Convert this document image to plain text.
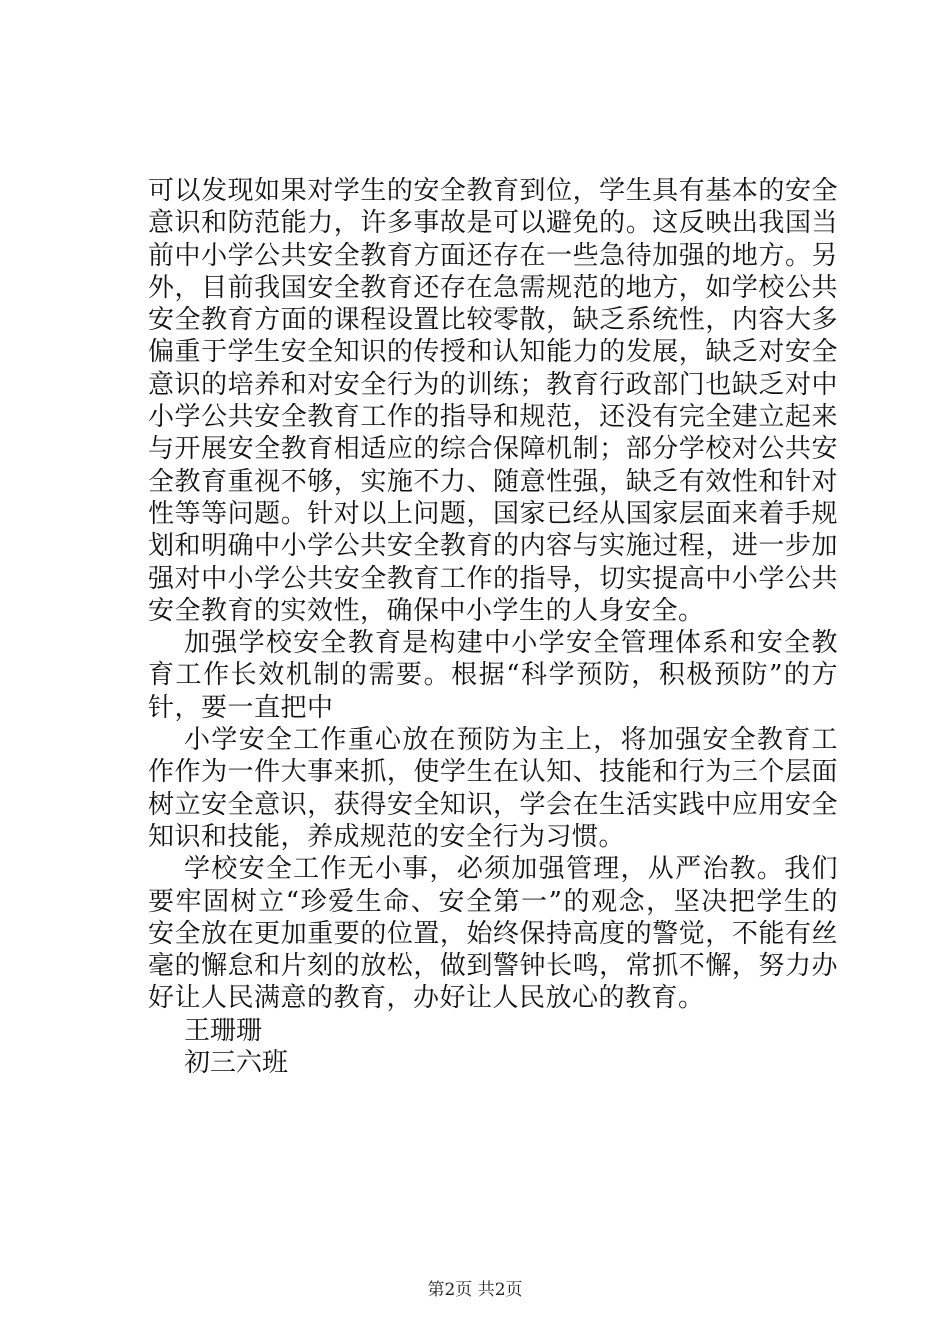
可以发现如果对学生的安全教育到位，学生具有基本的安全意识和防范能力，许多事故是可以避免的。这反映出我国当前中小学公共安全教育方面还存在一些急待加强的地方。另外，目前我国安全教育还存在急需规范的地方，如学校公共安全教育方面的课程设置比较零散，缺乏系统性，内容大多偏重于学生安全知识的传授和认知能力的发展，缺乏对安全意识的培养和对安全行为的训练；教育行政部门也缺乏对中小学公共安全教育工作的指导和规范，还没有完全建立起来与开展安全教育相适应的综合保障机制；部分学校对公共安全教育重视不够，实施不力、随意性强，缺乏有效性和针对性等等问题。针对以上问题，国家已经从国家层面来着手规划和明确中小学公共安全教育的内容与实施过程，进一步加强对中小学公共安全教育工作的指导，切实提高中小学公共安全教育的实效性，确保中小学生的人身安全。

加强学校安全教育是构建中小学安全管理体系和安全教育工作长效机制的需要。根据“科学预防，积极预防”的方针，要一直把中

小学安全工作重心放在预防为主上，将加强安全教育工作作为一件大事来抓，使学生在认知、技能和行为三个层面树立安全意识，获得安全知识，学会在生活实践中应用安全知识和技能，养成规范的安全行为习惯。

学校安全工作无小事，必须加强管理，从严治教。我们要牢固树立“珍爱生命、安全第一”的观念，坚决把学生的安全放在更加重要的位置，始终保持高度的警觉，不能有丝毫的懈怠和片刻的放松，做到警钟长鸣，常抓不懈，努力办好让人民满意的教育，办好让人民放心的教育。

王珊珊

初三六班

第2页 共2页
